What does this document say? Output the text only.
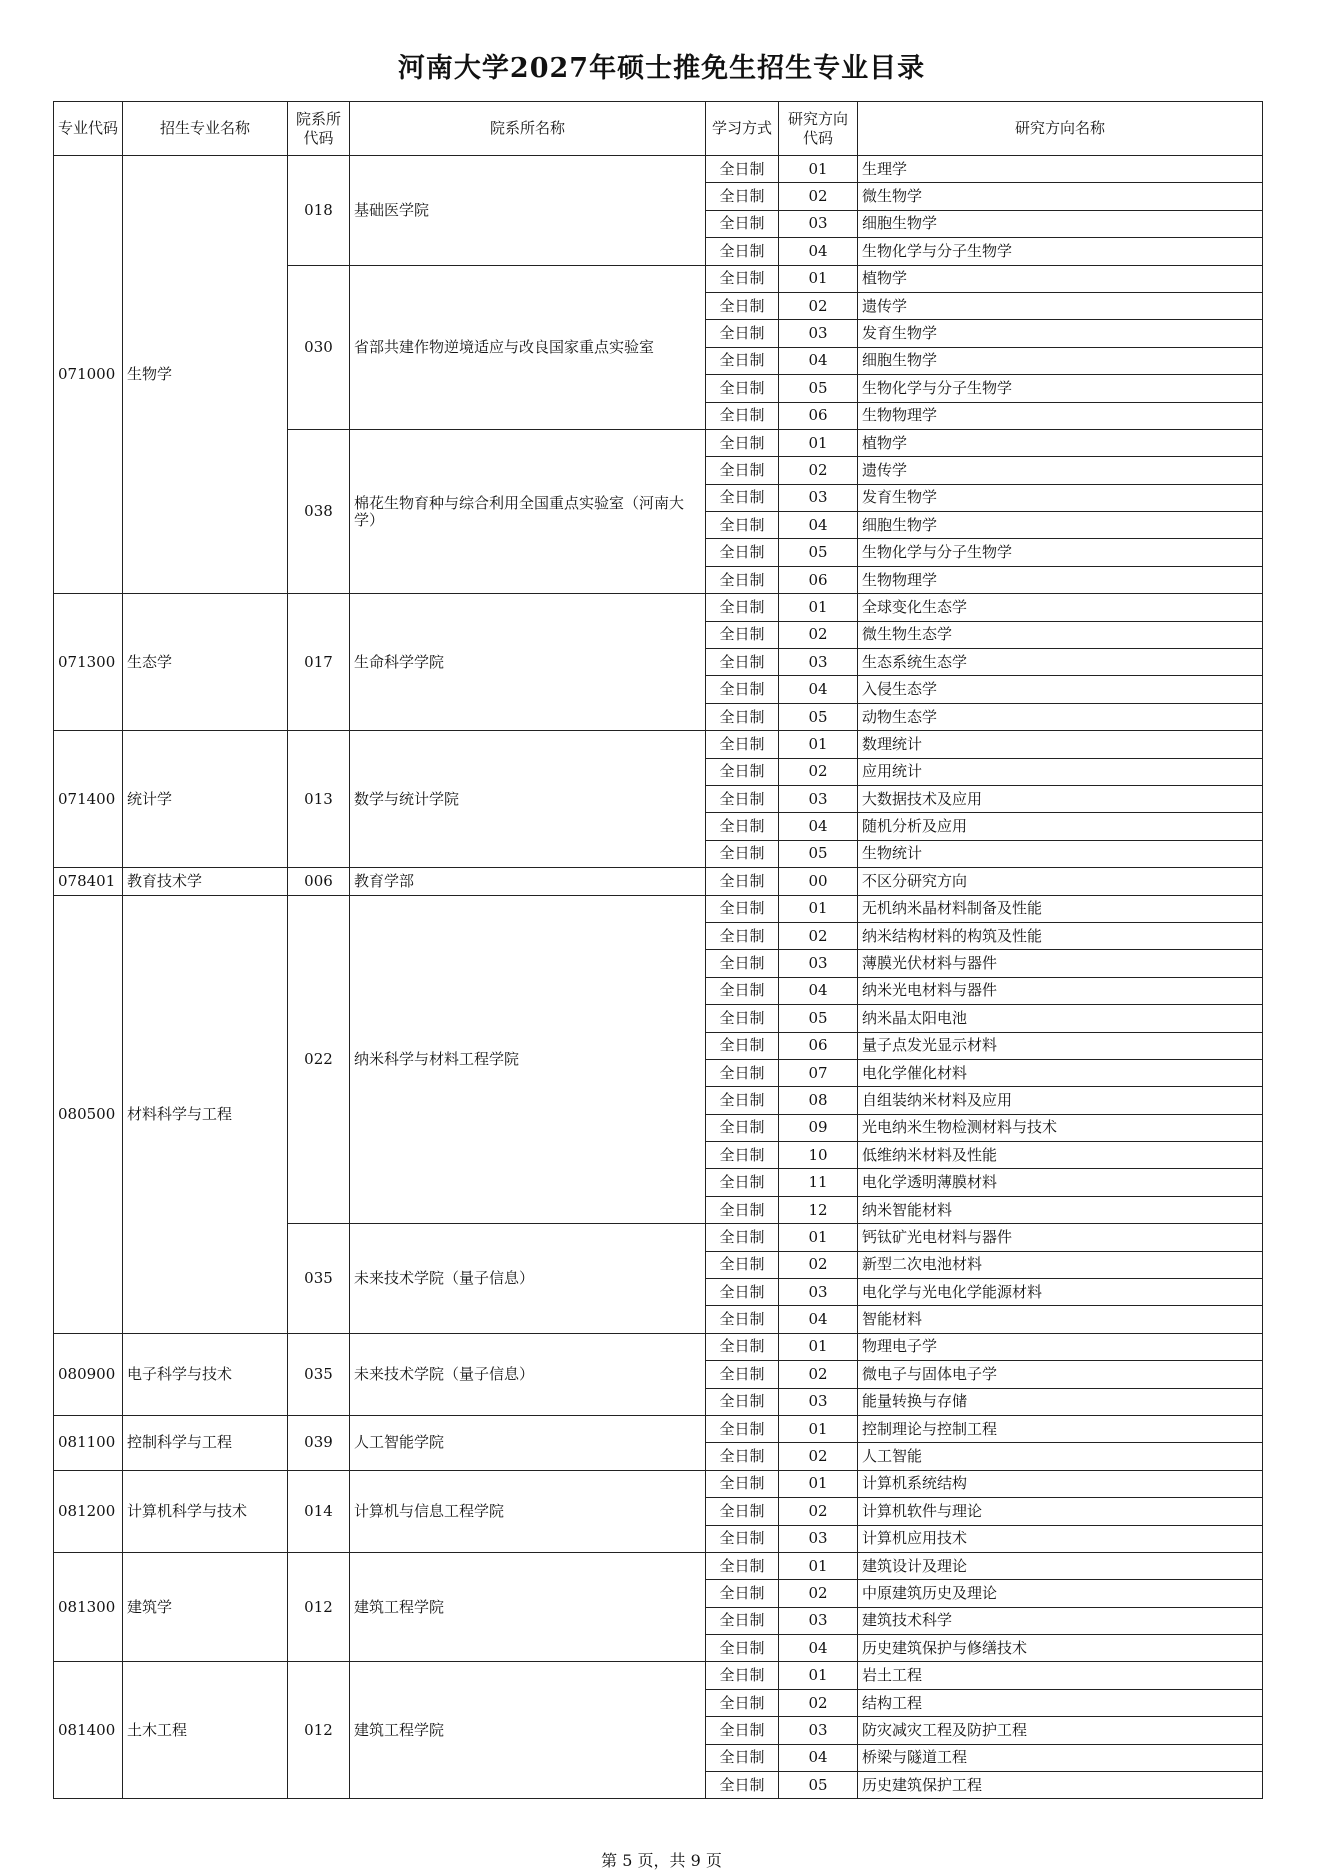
河南大学2027年硕士推免生招生专业目录
专业代码	招生专业名称	院系所代码	院系所名称	学习方式	研究方向代码	研究方向名称
071000	生物学	018	基础医学院	全日制	01	生理学
				全日制	02	微生物学
				全日制	03	细胞生物学
				全日制	04	生物化学与分子生物学
		030	省部共建作物逆境适应与改良国家重点实验室	全日制	01	植物学
				全日制	02	遗传学
				全日制	03	发育生物学
				全日制	04	细胞生物学
				全日制	05	生物化学与分子生物学
				全日制	06	生物物理学
		038	棉花生物育种与综合利用全国重点实验室（河南大学）	全日制	01	植物学
				全日制	02	遗传学
				全日制	03	发育生物学
				全日制	04	细胞生物学
				全日制	05	生物化学与分子生物学
				全日制	06	生物物理学
071300	生态学	017	生命科学学院	全日制	01	全球变化生态学
				全日制	02	微生物生态学
				全日制	03	生态系统生态学
				全日制	04	入侵生态学
				全日制	05	动物生态学
071400	统计学	013	数学与统计学院	全日制	01	数理统计
				全日制	02	应用统计
				全日制	03	大数据技术及应用
				全日制	04	随机分析及应用
				全日制	05	生物统计
078401	教育技术学	006	教育学部	全日制	00	不区分研究方向
080500	材料科学与工程	022	纳米科学与材料工程学院	全日制	01	无机纳米晶材料制备及性能
				全日制	02	纳米结构材料的构筑及性能
				全日制	03	薄膜光伏材料与器件
				全日制	04	纳米光电材料与器件
				全日制	05	纳米晶太阳电池
				全日制	06	量子点发光显示材料
				全日制	07	电化学催化材料
				全日制	08	自组装纳米材料及应用
				全日制	09	光电纳米生物检测材料与技术
				全日制	10	低维纳米材料及性能
				全日制	11	电化学透明薄膜材料
				全日制	12	纳米智能材料
		035	未来技术学院（量子信息）	全日制	01	钙钛矿光电材料与器件
				全日制	02	新型二次电池材料
				全日制	03	电化学与光电化学能源材料
				全日制	04	智能材料
080900	电子科学与技术	035	未来技术学院（量子信息）	全日制	01	物理电子学
				全日制	02	微电子与固体电子学
				全日制	03	能量转换与存储
081100	控制科学与工程	039	人工智能学院	全日制	01	控制理论与控制工程
				全日制	02	人工智能
081200	计算机科学与技术	014	计算机与信息工程学院	全日制	01	计算机系统结构
				全日制	02	计算机软件与理论
				全日制	03	计算机应用技术
081300	建筑学	012	建筑工程学院	全日制	01	建筑设计及理论
				全日制	02	中原建筑历史及理论
				全日制	03	建筑技术科学
				全日制	04	历史建筑保护与修缮技术
081400	土木工程	012	建筑工程学院	全日制	01	岩土工程
				全日制	02	结构工程
				全日制	03	防灾减灾工程及防护工程
				全日制	04	桥梁与隧道工程
				全日制	05	历史建筑保护工程
第 5 页，共 9 页
